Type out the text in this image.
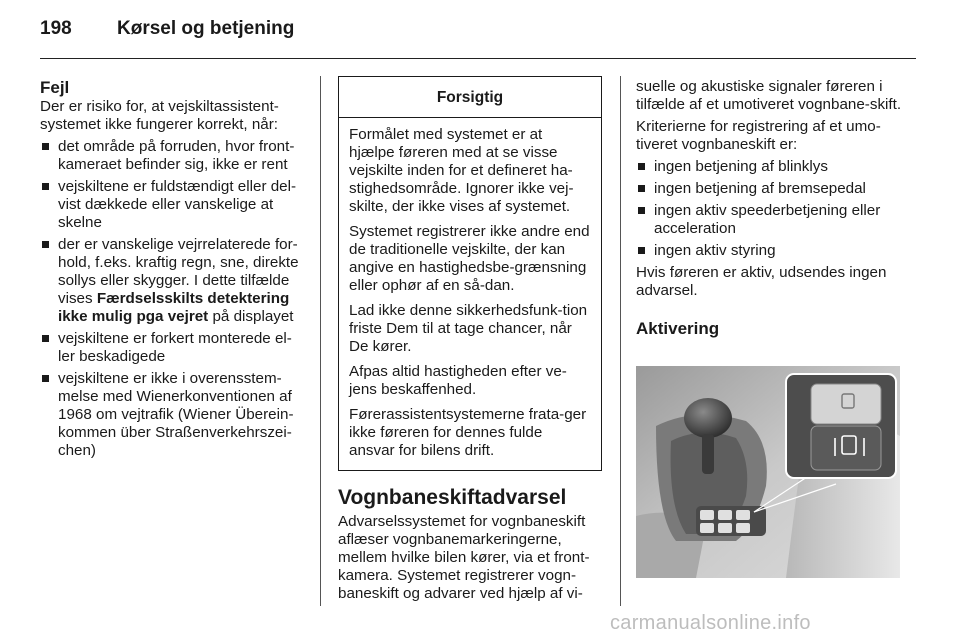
198 Kørsel og betjening
Fejl

Der er risiko for, at vejskiltassistent-systemet ikke fungerer korrekt, når:

det område på forruden, hvor front-kameraet befinder sig, ikke er rent
vejskiltene er fuldstændigt eller del-vist dækkede eller vanskelige at skelne
der er vanskelige vejrrelaterede for-hold, f.eks. kraftig regn, sne, direkte sollys eller skygger. I dette tilfælde vises Færdselsskilts detektering ikke mulig pga vejret på displayet
vejskiltene er forkert monterede el-ler beskadigede
vejskiltene er ikke i overensstem-melse med Wienerkonventionen af 1968 om vejtrafik (Wiener Überein-kommen über Straßenverkehrszei-chen)
Forsigtig

Formålet med systemet er at hjælpe føreren med at se visse vejskilte inden for et defineret ha-stighedsområde. Ignorer ikke vej-skilte, der ikke vises af systemet.

Systemet registrerer ikke andre end de traditionelle vejskilte, der kan angive en hastighedsbe-grænsning eller ophør af en så-dan.

Lad ikke denne sikkerhedsfunk-tion friste Dem til at tage chancer, når De kører.

Afpas altid hastigheden efter ve-jens beskaffenhed.

Førerassistentsystemerne frata-ger ikke føreren for dennes fulde ansvar for bilens drift.

Vognbaneskiftadvarsel

Advarselssystemet for vognbaneskift aflæser vognbanemarkeringerne, mellem hvilke bilen kører, via et front-kamera. Systemet registrerer vogn-baneskift og advarer ved hjælp af vi-

suelle og akustiske signaler føreren i tilfælde af et umotiveret vognbane-skift.

Kriterierne for registrering af et umo-tiveret vognbaneskift er:

ingen betjening af blinklys
ingen betjening af bremsepedal
ingen aktiv speederbetjening eller acceleration
ingen aktiv styring

Hvis føreren er aktiv, udsendes ingen advarsel.

Aktivering
carmanualsonline.info
